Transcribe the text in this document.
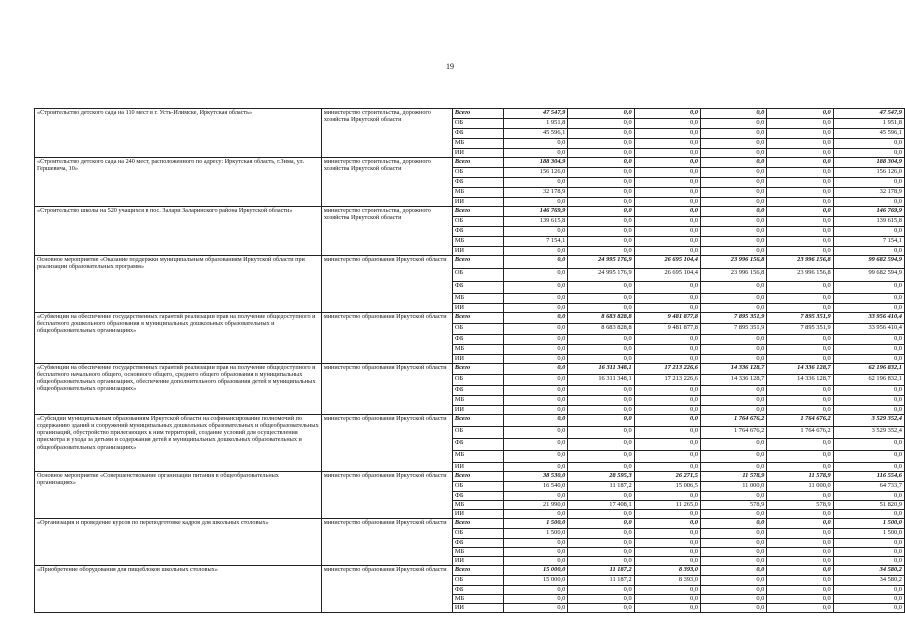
19
«Строительство детского сада на 110 мест в г. Усть-Илимске, Иркутская область»	министерство строительства, дорожного хозяйства Иркутской области	Всего	47 547,9	0,0	0,0	0,0	0,0	47 547,9
		ОБ	1 951,8	0,0	0,0	0,0	0,0	1 951,8
		ФБ	45 596,1	0,0	0,0	0,0	0,0	45 596,1
		МБ	0,0	0,0	0,0	0,0	0,0	0,0
		ИИ	0,0	0,0	0,0	0,0	0,0	0,0
«Строительство детского сада на 240 мест, расположенного по адресу: Иркутская область, г.Зима, ул. Гершевича, 10»	министерство строительства, дорожного хозяйства Иркутской области	Всего	188 304,9	0,0	0,0	0,0	0,0	188 304,9
		ОБ	156 126,0	0,0	0,0	0,0	0,0	156 126,0
		ФБ	0,0	0,0	0,0	0,0	0,0	0,0
		МБ	32 178,9	0,0	0,0	0,0	0,0	32 178,9
		ИИ	0,0	0,0	0,0	0,0	0,0	0,0
«Строительство школы на 520 учащихся в пос. Залари Заларинского района Иркутской области»	министерство строительства, дорожного хозяйства Иркутской области	Всего	146 769,9	0,0	0,0	0,0	0,0	146 769,9
		ОБ	139 615,8	0,0	0,0	0,0	0,0	139 615,8
		ФБ	0,0	0,0	0,0	0,0	0,0	0,0
		МБ	7 154,1	0,0	0,0	0,0	0,0	7 154,1
		ИИ	0,0	0,0	0,0	0,0	0,0	0,0
Основное мероприятие «Оказание поддержки муниципальным образованиям Иркутской области при реализации образовательных программ»	министерство образования Иркутской области	Всего	0,0	24 995 176,9	26 695 104,4	23 996 156,8	23 996 156,8	99 682 594,9
		ОБ	0,0	24 995 176,9	26 695 104,4	23 996 156,8	23 996 156,8	99 682 594,9
		ФБ	0,0	0,0	0,0	0,0	0,0	0,0
		МБ	0,0	0,0	0,0	0,0	0,0	0,0
		ИИ	0,0	0,0	0,0	0,0	0,0	0,0
«Субвенции на обеспечение государственных гарантий реализации прав на получение общедоступного и бесплатного дошкольного образования в муниципальных дошкольных образовательных и общеобразовательных организациях»	министерство образования Иркутской области	Всего	0,0	8 683 828,8	9 481 877,8	7 895 351,9	7 895 351,9	33 956 410,4
		ОБ	0,0	8 683 828,8	9 481 877,8	7 895 351,9	7 895 351,9	33 956 410,4
		ФБ	0,0	0,0	0,0	0,0	0,0	0,0
		МБ	0,0	0,0	0,0	0,0	0,0	0,0
		ИИ	0,0	0,0	0,0	0,0	0,0	0,0
«Субвенции на обеспечение государственных гарантий реализации прав на получение общедоступного и бесплатного начального общего, основного общего, среднего общего образования в муниципальных общеобразовательных организациях, обеспечение дополнительного образования детей в муниципальных общеобразовательных организациях»	министерство образования Иркутской области	Всего	0,0	16 311 348,1	17 213 226,6	14 336 128,7	14 336 128,7	62 196 832,1
		ОБ	0,0	16 311 348,1	17 213 226,6	14 336 128,7	14 336 128,7	62 196 832,1
		ФБ	0,0	0,0	0,0	0,0	0,0	0,0
		МБ	0,0	0,0	0,0	0,0	0,0	0,0
		ИИ	0,0	0,0	0,0	0,0	0,0	0,0
«Субсидии муниципальным образованиям Иркутской области на софинансирование полномочий по содержанию зданий и сооружений муниципальных дошкольных образовательных и общеобразовательных организаций, обустройство прилегающих к ним территорий, создание условий для осуществления присмотра и ухода за детьми и содержания детей в муниципальных дошкольных образовательных и общеобразовательных организациях»	министерство образования Иркутской области	Всего	0,0	0,0	0,0	1 764 676,2	1 764 676,2	3 529 352,4
		ОБ	0,0	0,0	0,0	1 764 676,2	1 764 676,2	3 529 352,4
		ФБ	0,0	0,0	0,0	0,0	0,0	0,0
		МБ	0,0	0,0	0,0	0,0	0,0	0,0
		ИИ	0,0	0,0	0,0	0,0	0,0	0,0
Основное мероприятие «Совершенствование организации питания в общеобразовательных организациях»	министерство образования Иркутской области	Всего	38 530,0	28 595,3	26 271,5	11 578,9	11 578,9	116 554,6
		ОБ	16 540,0	11 187,2	15 006,5	11 000,0	11 000,0	64 733,7
		ФБ	0,0	0,0	0,0	0,0	0,0	0,0
		МБ	21 990,0	17 408,1	11 265,0	578,9	578,9	51 820,9
		ИИ	0,0	0,0	0,0	0,0	0,0	0,0
«Организация и проведение курсов по переподготовке кадров для школьных столовых»	министерство образования Иркутской области	Всего	1 500,0	0,0	0,0	0,0	0,0	1 500,0
		ОБ	1 500,0	0,0	0,0	0,0	0,0	1 500,0
		ФБ	0,0	0,0	0,0	0,0	0,0	0,0
		МБ	0,0	0,0	0,0	0,0	0,0	0,0
		ИИ	0,0	0,0	0,0	0,0	0,0	0,0
«Приобретение оборудования для пищеблоков школьных столовых»	министерство образования Иркутской области	Всего	15 000,0	11 187,2	8 393,0	0,0	0,0	34 580,2
		ОБ	15 000,0	11 187,2	8 393,0	0,0	0,0	34 580,2
		ФБ	0,0	0,0	0,0	0,0	0,0	0,0
		МБ	0,0	0,0	0,0	0,0	0,0	0,0
		ИИ	0,0	0,0	0,0	0,0	0,0	0,0
